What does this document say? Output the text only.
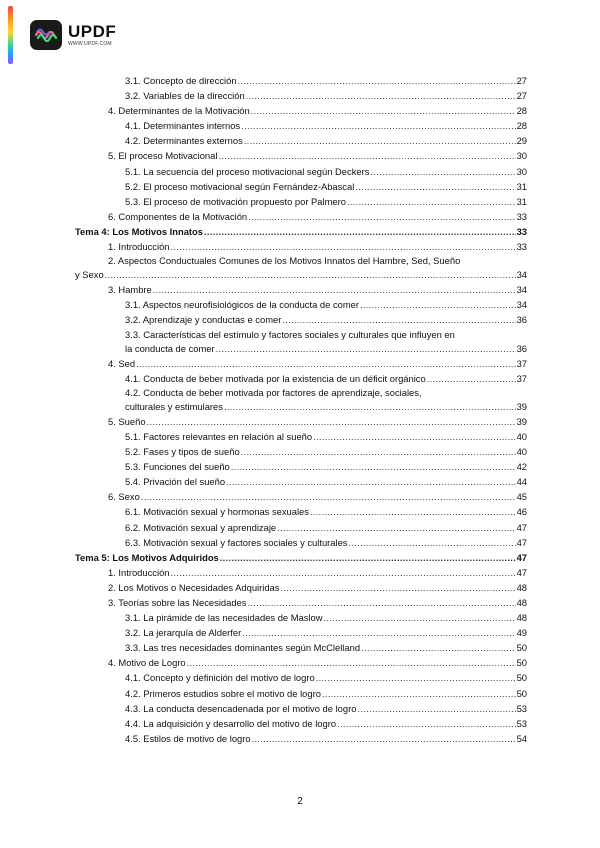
UPDF
WWW.UPDF.COM
3.1. Concepto de dirección .....	27
3.2. Variables de la dirección .....	27
4. Determinantes de la Motivación .....	28
4.1. Determinantes internos .....	28
4.2. Determinantes externos .....	29
5. El proceso Motivacional .....	30
5.1. La secuencia del proceso motivacional según Deckers .....	30
5.2. El proceso motivacional según Fernández-Abascal .....	31
5.3. El proceso de motivación propuesto por Palmero .....	31
6. Componentes de la Motivación .....	33
Tema 4: Los Motivos Innatos .....	33
1. Introducción .....	33
2. Aspectos Conductuales Comunes de los Motivos Innatos del Hambre, Sed, Sueño
y Sexo .....	34
3. Hambre .....	34
3.1. Aspectos neurofisiológicos de la conducta de comer .....	34
3.2. Aprendizaje y conductas e comer .....	36
3.3. Características del estímulo y factores sociales y culturales que influyen en
la conducta de comer .....	36
4. Sed .....	37
4.1. Conducta de beber motivada por la existencia de un déficit orgánico .....	37
4.2. Conducta de beber motivada por factores de aprendizaje, sociales,
culturales y estimulares .....	39
5. Sueño .....	39
5.1. Factores relevantes en relación al sueño .....	40
5.2. Fases y tipos de sueño .....	40
5.3. Funciones del sueño .....	42
5.4. Privación del sueño .....	44
6. Sexo .....	45
6.1. Motivación sexual y hormonas sexuales .....	46
6.2. Motivación sexual y aprendizaje .....	47
6.3. Motivación sexual y factores sociales y culturales .....	47
Tema 5: Los Motivos Adquiridos .....	47
1. Introducción .....	47
2. Los Motivos o Necesidades Adquiridas .....	48
3. Teorías sobre las Necesidades .....	48
3.1. La pirámide de las necesidades de Maslow .....	48
3.2. La jerarquía de Alderfer .....	49
3.3. Las tres necesidades dominantes según McClelland .....	50
4. Motivo de Logro .....	50
4.1. Concepto y definición del motivo de logro .....	50
4.2. Primeros estudios sobre el motivo de logro .....	50
4.3. La conducta desencadenada por el motivo de logro .....	53
4.4. La adquisición y desarrollo del motivo de logro .....	53
4.5. Estilos de motivo de logro .....	54
2
